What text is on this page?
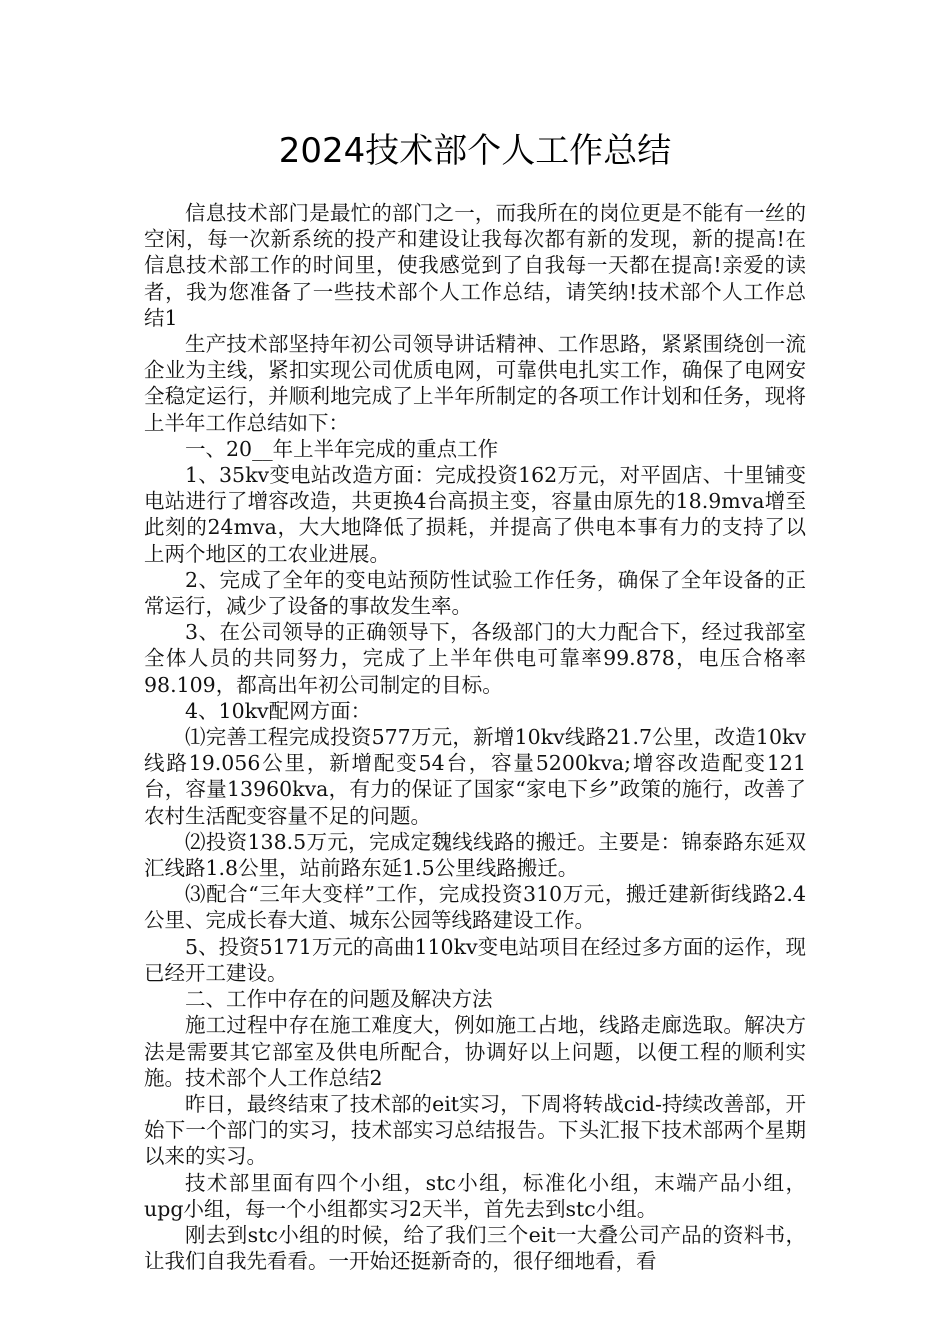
2024技术部个人工作总结

信息技术部门是最忙的部门之一，而我所在的岗位更是不能有一丝的空闲，每一次新系统的投产和建设让我每次都有新的发现，新的提高!在信息技术部工作的时间里，使我感觉到了自我每一天都在提高!亲爱的读者，我为您准备了一些技术部个人工作总结，请笑纳!技术部个人工作总结1

生产技术部坚持年初公司领导讲话精神、工作思路，紧紧围绕创一流企业为主线，紧扣实现公司优质电网，可靠供电扎实工作，确保了电网安全稳定运行，并顺利地完成了上半年所制定的各项工作计划和任务，现将上半年工作总结如下：

一、20__年上半年完成的重点工作

1、35kv变电站改造方面：完成投资162万元，对平固店、十里铺变电站进行了增容改造，共更换4台高损主变，容量由原先的18.9mva增至此刻的24mva，大大地降低了损耗，并提高了供电本事有力的支持了以上两个地区的工农业进展。

2、完成了全年的变电站预防性试验工作任务，确保了全年设备的正常运行，减少了设备的事故发生率。

3、在公司领导的正确领导下，各级部门的大力配合下，经过我部室全体人员的共同努力，完成了上半年供电可靠率99.878，电压合格率98.109，都高出年初公司制定的目标。

4、10kv配网方面：

⑴完善工程完成投资577万元，新增10kv线路21.7公里，改造10kv线路19.056公里，新增配变54台，容量5200kva;增容改造配变121台，容量13960kva，有力的保证了国家“家电下乡”政策的施行，改善了农村生活配变容量不足的问题。

⑵投资138.5万元，完成定魏线线路的搬迁。主要是：锦泰路东延双汇线路1.8公里，站前路东延1.5公里线路搬迁。

⑶配合“三年大变样”工作，完成投资310万元，搬迁建新街线路2.4公里、完成长春大道、城东公园等线路建设工作。

5、投资5171万元的高曲110kv变电站项目在经过多方面的运作，现已经开工建设。

二、工作中存在的问题及解决方法

施工过程中存在施工难度大，例如施工占地，线路走廊选取。解决方法是需要其它部室及供电所配合，协调好以上问题，以便工程的顺利实施。技术部个人工作总结2

昨日，最终结束了技术部的eit实习，下周将转战cid-持续改善部，开始下一个部门的实习，技术部实习总结报告。下头汇报下技术部两个星期以来的实习。

技术部里面有四个小组，stc小组，标准化小组，末端产品小组，upg小组，每一个小组都实习2天半，首先去到stc小组。

刚去到stc小组的时候，给了我们三个eit一大叠公司产品的资料书，让我们自我先看看。一开始还挺新奇的，很仔细地看，看
